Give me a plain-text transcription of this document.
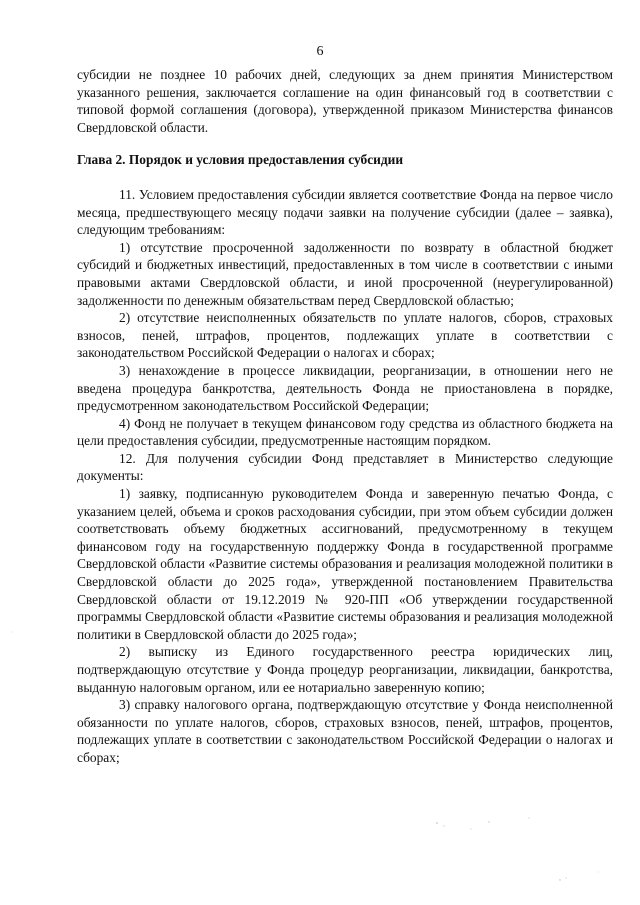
6

субсидии не позднее 10 рабочих дней, следующих за днем принятия Министерством указанного решения, заключается соглашение на один финансовый год в соответствии с типовой формой соглашения (договора), утвержденной приказом Министерства финансов Свердловской области.

Глава 2. Порядок и условия предоставления субсидии

11. Условием предоставления субсидии является соответствие Фонда на первое число месяца, предшествующего месяцу подачи заявки на получение субсидии (далее – заявка), следующим требованиям:

1) отсутствие просроченной задолженности по возврату в областной бюджет субсидий и бюджетных инвестиций, предоставленных в том числе в соответствии с иными правовыми актами Свердловской области, и иной просроченной (неурегулированной) задолженности по денежным обязательствам перед Свердловской областью;

2) отсутствие неисполненных обязательств по уплате налогов, сборов, страховых взносов, пеней, штрафов, процентов, подлежащих уплате в соответствии с законодательством Российской Федерации о налогах и сборах;

3) ненахождение в процессе ликвидации, реорганизации, в отношении него не введена процедура банкротства, деятельность Фонда не приостановлена в порядке, предусмотренном законодательством Российской Федерации;

4) Фонд не получает в текущем финансовом году средства из областного бюджета на цели предоставления субсидии, предусмотренные настоящим порядком.

12. Для получения субсидии Фонд представляет в Министерство следующие документы:

1) заявку, подписанную руководителем Фонда и заверенную печатью Фонда, с указанием целей, объема и сроков расходования субсидии, при этом объем субсидии должен соответствовать объему бюджетных ассигнований, предусмотренному в текущем финансовом году на государственную поддержку Фонда в государственной программе Свердловской области «Развитие системы образования и реализация молодежной политики в Свердловской области до 2025 года», утвержденной постановлением Правительства Свердловской области от 19.12.2019 № 920-ПП «Об утверждении государственной программы Свердловской области «Развитие системы образования и реализация молодежной политики в Свердловской области до 2025 года»;

2) выписку из Единого государственного реестра юридических лиц, подтверждающую отсутствие у Фонда процедур реорганизации, ликвидации, банкротства, выданную налоговым органом, или ее нотариально заверенную копию;

3) справку налогового органа, подтверждающую отсутствие у Фонда неисполненной обязанности по уплате налогов, сборов, страховых взносов, пеней, штрафов, процентов, подлежащих уплате в соответствии с законодательством Российской Федерации о налогах и сборах;
